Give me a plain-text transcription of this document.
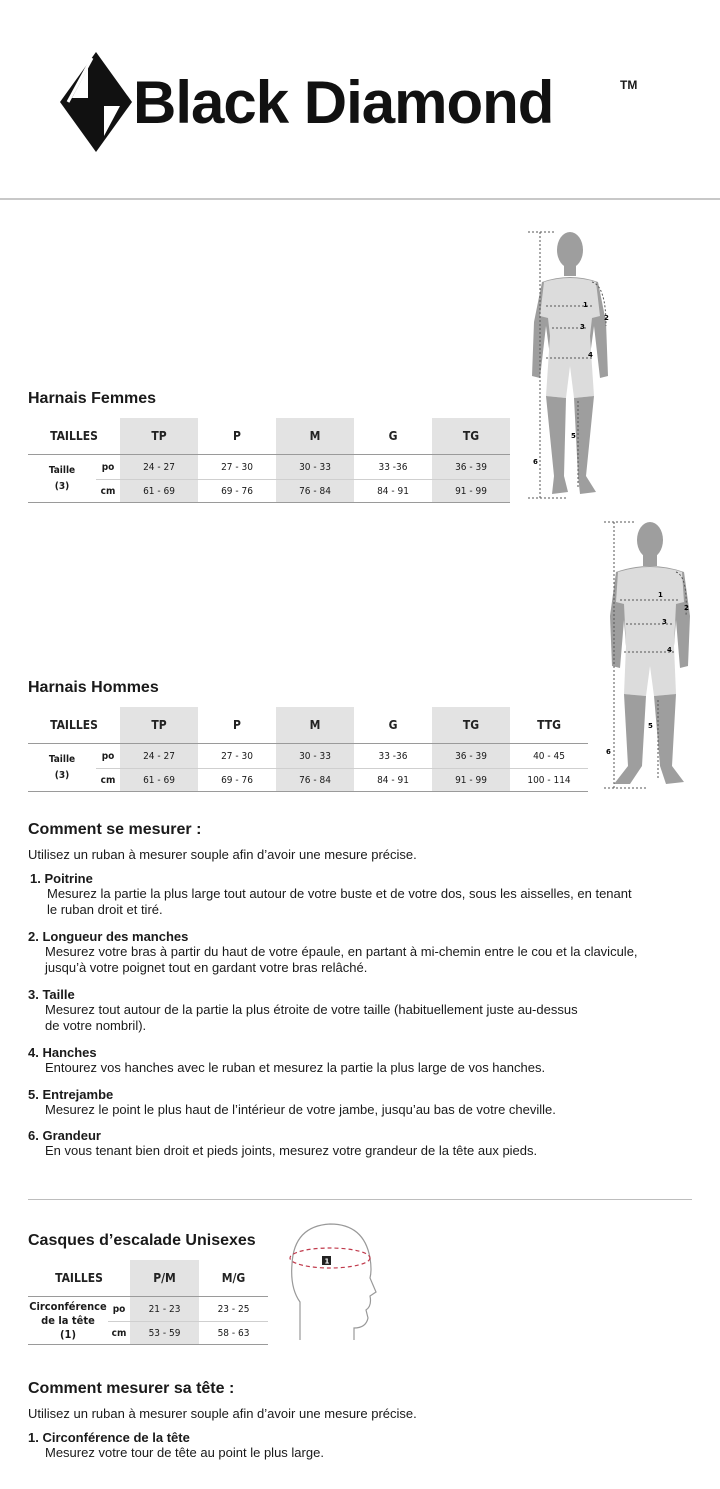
Black Diamond	TM
1
2
3
4
5
6
Harnais Femmes
TAILLES		TP	P	M	G	TG
Taille
(3)	po	24 - 27	27 - 30	30 - 33	33 -36	36 - 39
	cm	61 - 69	69 - 76	76 - 84	84 - 91	91 - 99
1
2
3
4
5
6
Harnais Hommes
TAILLES		TP	P	M	G	TG	TTG
Taille
(3)	po	24 - 27	27 - 30	30 - 33	33 -36	36 - 39	40 - 45
	cm	61 - 69	69 - 76	76 - 84	84 - 91	91 - 99	100 - 114
Comment se mesurer :
Utilisez un ruban à mesurer souple afin d’avoir une mesure précise.
1. Poitrine
Mesurez la partie la plus large tout autour de votre buste et de votre dos, sous les aisselles, en tenant
le ruban droit et tiré.
2. Longueur des manches
Mesurez votre bras à partir du haut de votre épaule, en partant à mi-chemin entre le cou et la clavicule,
jusqu’à votre poignet tout en gardant votre bras relâché.
3. Taille
Mesurez tout autour de la partie la plus étroite de votre taille (habituellement juste au-dessus
de votre nombril).
4. Hanches
Entourez vos hanches avec le ruban et mesurez la partie la plus large de vos hanches.
5. Entrejambe
Mesurez le point le plus haut de l’intérieur de votre jambe, jusqu’au bas de votre cheville.
6. Grandeur
En vous tenant bien droit et pieds joints, mesurez votre grandeur de la tête aux pieds.
Casques d’escalade Unisexes
TAILLES		P/M	M/G
Circonférence
de la tête
(1)	po	21 - 23	23 - 25
	cm	53 - 59	58 - 63
1
Comment mesurer sa tête :
Utilisez un ruban à mesurer souple afin d’avoir une mesure précise.
1. Circonférence de la tête
Mesurez votre tour de tête au point le plus large.
